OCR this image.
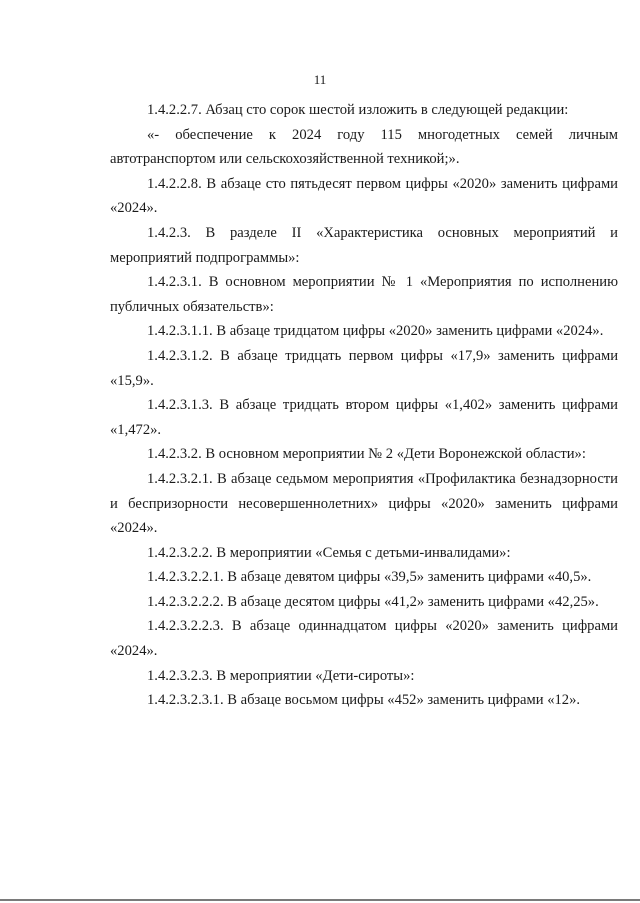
11

1.4.2.2.7. Абзац сто сорок шестой изложить в следующей редакции:

«- обеспечение к 2024 году 115 многодетных семей личным автотранспортом или сельскохозяйственной техникой;».

1.4.2.2.8. В абзаце сто пятьдесят первом цифры «2020» заменить цифрами «2024».

1.4.2.3. В разделе II «Характеристика основных мероприятий и мероприятий подпрограммы»:

1.4.2.3.1. В основном мероприятии № 1 «Мероприятия по исполнению публичных обязательств»:

1.4.2.3.1.1. В абзаце тридцатом цифры «2020» заменить цифрами «2024».

1.4.2.3.1.2. В абзаце тридцать первом цифры «17,9» заменить цифрами «15,9».

1.4.2.3.1.3. В абзаце тридцать втором цифры «1,402» заменить цифрами «1,472».

1.4.2.3.2. В основном мероприятии № 2 «Дети Воронежской области»:

1.4.2.3.2.1. В абзаце седьмом мероприятия «Профилактика безнадзорности и беспризорности несовершеннолетних» цифры «2020» заменить цифрами «2024».

1.4.2.3.2.2. В мероприятии «Семья с детьми-инвалидами»:

1.4.2.3.2.2.1. В абзаце девятом цифры «39,5» заменить цифрами «40,5».

1.4.2.3.2.2.2. В абзаце десятом цифры «41,2» заменить цифрами «42,25».

1.4.2.3.2.2.3. В абзаце одиннадцатом цифры «2020» заменить цифрами «2024».

1.4.2.3.2.3. В мероприятии «Дети-сироты»:

1.4.2.3.2.3.1. В абзаце восьмом цифры «452» заменить цифрами «12».
